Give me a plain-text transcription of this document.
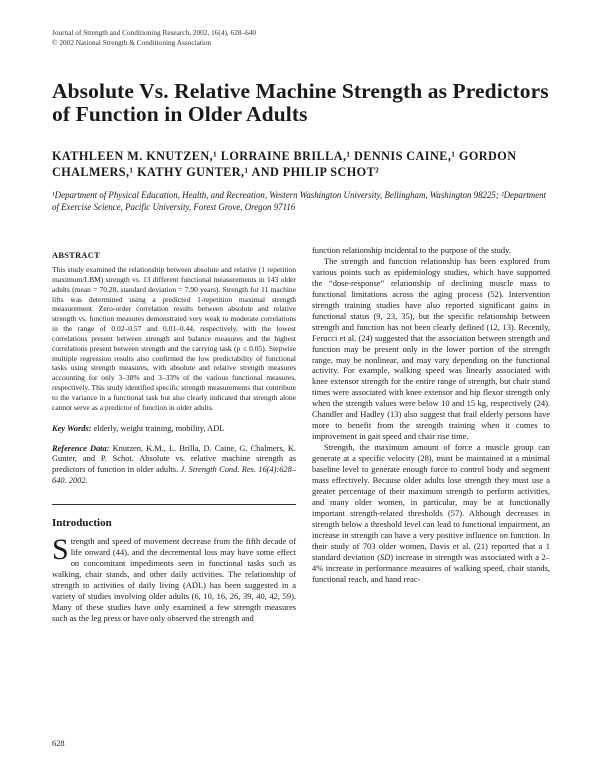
Journal of Strength and Conditioning Research, 2002, 16(4), 628–640
© 2002 National Strength & Conditioning Association
Absolute Vs. Relative Machine Strength as Predictors of Function in Older Adults
KATHLEEN M. KNUTZEN,¹ LORRAINE BRILLA,¹ DENNIS CAINE,¹ GORDON CHALMERS,¹ KATHY GUNTER,¹ AND PHILIP SCHOT²
¹Department of Physical Education, Health, and Recreation, Western Washington University, Bellingham, Washington 98225; ²Department of Exercise Science, Pacific University, Forest Grove, Oregon 97116
ABSTRACT

This study examined the relationship between absolute and relative (1 repetition maximum/LBM) strength vs. 13 different functional measurements in 143 older adults (mean = 70.28, standard deviation = 7.90 years). Strength for 11 machine lifts was determined using a predicted 1-repetition maximal strength measurement. Zero-order correlation results between absolute and relative strength vs. function measures demonstrated very weak to moderate correlations in the range of 0.02–0.57 and 0.01–0.44, respectively, with the lowest correlations present between strength and balance measures and the highest correlations present between strength and the carrying task (p ≤ 0.05). Stepwise multiple regression results also confirmed the low predictability of functional tasks using strength measures, with absolute and relative strength measures accounting for only 3–38% and 3–33% of the various functional measures, respectively. This study identified specific strength measurements that contribute to the variance in a functional task but also clearly indicated that strength alone cannot serve as a predictor of function in older adults.

Key Words: elderly, weight training, mobility, ADL

Reference Data: Knutzen, K.M., L. Brilla, D. Caine, G. Chalmers, K. Gunter, and P. Schot. Absolute vs. relative machine strength as predictors of function in older adults. J. Strength Cond. Res. 16(4):628–640. 2002.

Introduction

Strength and speed of movement decrease from the fifth decade of life onward (44), and the decremental loss may have some effect on concomitant impediments seen in functional tasks such as walking, chair stands, and other daily activities. The relationship of strength to activities of daily living (ADL) has been suggested in a variety of studies involving older adults (6, 10, 16, 26, 39, 40, 42, 59). Many of these studies have only examined a few strength measures such as the leg press or have only observed the strength and

function relationship incidental to the purpose of the study.

The strength and function relationship has been explored from various points such as epidemiology studies, which have supported the “dose-response” relationship of declining muscle mass to functional limitations across the aging process (52). Intervention strength training studies have also reported significant gains in functional status (9, 23, 35), but the specific relationship between strength and function has not been clearly defined (12, 13). Recently, Ferucci et al. (24) suggested that the association between strength and function may be present only in the lower portion of the strength range, may be nonlinear, and may vary depending on the functional activity. For example, walking speed was linearly associated with knee extensor strength for the entire range of strength, but chair stand times were associated with knee extensor and hip flexor strength only when the strength values were below 10 and 15 kg, respectively (24). Chandler and Hadley (13) also suggest that frail elderly persons have more to benefit from the strength training when it comes to improvement in gait speed and chair rise time.

Strength, the maximum amount of force a muscle group can generate at a specific velocity (28), must be maintained at a minimal baseline level to generate enough force to control body and segment mass effectively. Because older adults lose strength they must use a greater percentage of their maximum strength to perform activities, and many older women, in particular, may be at functionally important strength-related thresholds (57). Although decreases in strength below a threshold level can lead to functional impairment, an increase in strength can have a very positive influence on function. In their study of 703 older women, Davis et al. (21) reported that a 1 standard deviation (SD) increase in strength was associated with a 2–4% increase in performance measures of walking speed, chair stands, functional reach, and hand reac-

628
